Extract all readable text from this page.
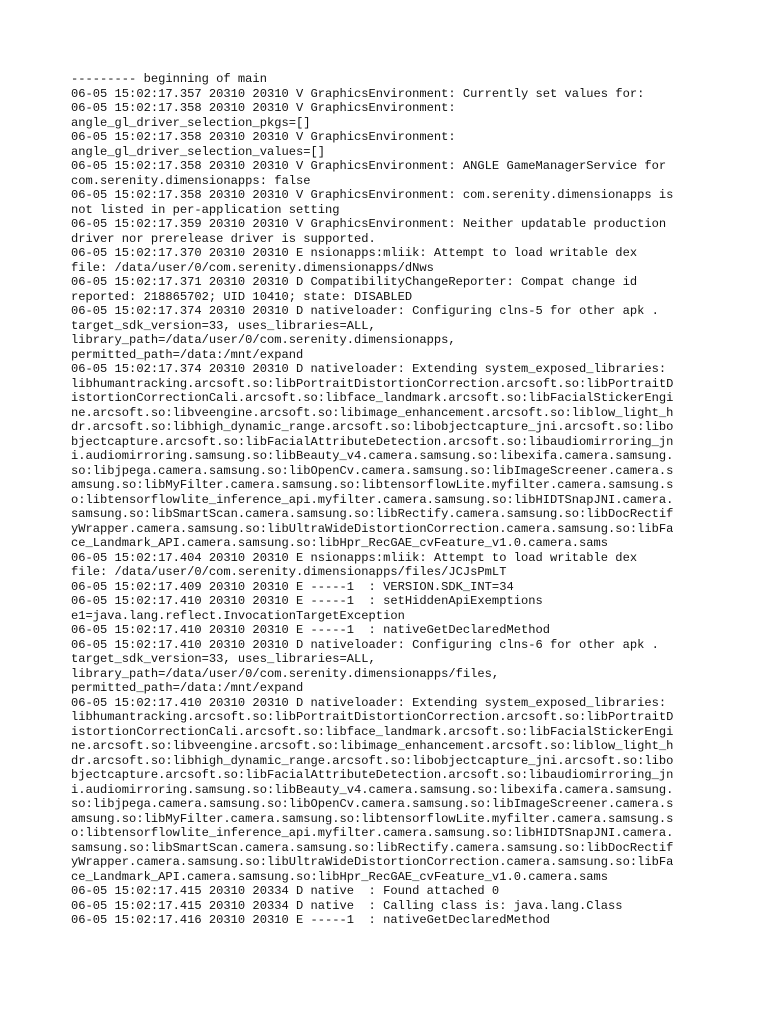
--------- beginning of main
06-05 15:02:17.357 20310 20310 V GraphicsEnvironment: Currently set values for:
06-05 15:02:17.358 20310 20310 V GraphicsEnvironment:
angle_gl_driver_selection_pkgs=[]
06-05 15:02:17.358 20310 20310 V GraphicsEnvironment:
angle_gl_driver_selection_values=[]
06-05 15:02:17.358 20310 20310 V GraphicsEnvironment: ANGLE GameManagerService for
com.serenity.dimensionapps: false
06-05 15:02:17.358 20310 20310 V GraphicsEnvironment: com.serenity.dimensionapps is
not listed in per-application setting
06-05 15:02:17.359 20310 20310 V GraphicsEnvironment: Neither updatable production
driver nor prerelease driver is supported.
06-05 15:02:17.370 20310 20310 E nsionapps:mliik: Attempt to load writable dex
file: /data/user/0/com.serenity.dimensionapps/dNws
06-05 15:02:17.371 20310 20310 D CompatibilityChangeReporter: Compat change id
reported: 218865702; UID 10410; state: DISABLED
06-05 15:02:17.374 20310 20310 D nativeloader: Configuring clns-5 for other apk .
target_sdk_version=33, uses_libraries=ALL,
library_path=/data/user/0/com.serenity.dimensionapps,
permitted_path=/data:/mnt/expand
06-05 15:02:17.374 20310 20310 D nativeloader: Extending system_exposed_libraries:
libhumantracking.arcsoft.so:libPortraitDistortionCorrection.arcsoft.so:libPortraitD
istortionCorrectionCali.arcsoft.so:libface_landmark.arcsoft.so:libFacialStickerEngi
ne.arcsoft.so:libveengine.arcsoft.so:libimage_enhancement.arcsoft.so:liblow_light_h
dr.arcsoft.so:libhigh_dynamic_range.arcsoft.so:libobjectcapture_jni.arcsoft.so:libo
bjectcapture.arcsoft.so:libFacialAttributeDetection.arcsoft.so:libaudiomirroring_jn
i.audiomirroring.samsung.so:libBeauty_v4.camera.samsung.so:libexifa.camera.samsung.
so:libjpega.camera.samsung.so:libOpenCv.camera.samsung.so:libImageScreener.camera.s
amsung.so:libMyFilter.camera.samsung.so:libtensorflowLite.myfilter.camera.samsung.s
o:libtensorflowlite_inference_api.myfilter.camera.samsung.so:libHIDTSnapJNI.camera.
samsung.so:libSmartScan.camera.samsung.so:libRectify.camera.samsung.so:libDocRectif
yWrapper.camera.samsung.so:libUltraWideDistortionCorrection.camera.samsung.so:libFa
ce_Landmark_API.camera.samsung.so:libHpr_RecGAE_cvFeature_v1.0.camera.sams
06-05 15:02:17.404 20310 20310 E nsionapps:mliik: Attempt to load writable dex
file: /data/user/0/com.serenity.dimensionapps/files/JCJsPmLT
06-05 15:02:17.409 20310 20310 E -----1  : VERSION.SDK_INT=34
06-05 15:02:17.410 20310 20310 E -----1  : setHiddenApiExemptions
e1=java.lang.reflect.InvocationTargetException
06-05 15:02:17.410 20310 20310 E -----1  : nativeGetDeclaredMethod
06-05 15:02:17.410 20310 20310 D nativeloader: Configuring clns-6 for other apk .
target_sdk_version=33, uses_libraries=ALL,
library_path=/data/user/0/com.serenity.dimensionapps/files,
permitted_path=/data:/mnt/expand
06-05 15:02:17.410 20310 20310 D nativeloader: Extending system_exposed_libraries:
libhumantracking.arcsoft.so:libPortraitDistortionCorrection.arcsoft.so:libPortraitD
istortionCorrectionCali.arcsoft.so:libface_landmark.arcsoft.so:libFacialStickerEngi
ne.arcsoft.so:libveengine.arcsoft.so:libimage_enhancement.arcsoft.so:liblow_light_h
dr.arcsoft.so:libhigh_dynamic_range.arcsoft.so:libobjectcapture_jni.arcsoft.so:libo
bjectcapture.arcsoft.so:libFacialAttributeDetection.arcsoft.so:libaudiomirroring_jn
i.audiomirroring.samsung.so:libBeauty_v4.camera.samsung.so:libexifa.camera.samsung.
so:libjpega.camera.samsung.so:libOpenCv.camera.samsung.so:libImageScreener.camera.s
amsung.so:libMyFilter.camera.samsung.so:libtensorflowLite.myfilter.camera.samsung.s
o:libtensorflowlite_inference_api.myfilter.camera.samsung.so:libHIDTSnapJNI.camera.
samsung.so:libSmartScan.camera.samsung.so:libRectify.camera.samsung.so:libDocRectif
yWrapper.camera.samsung.so:libUltraWideDistortionCorrection.camera.samsung.so:libFa
ce_Landmark_API.camera.samsung.so:libHpr_RecGAE_cvFeature_v1.0.camera.sams
06-05 15:02:17.415 20310 20334 D native  : Found attached 0
06-05 15:02:17.415 20310 20334 D native  : Calling class is: java.lang.Class
06-05 15:02:17.416 20310 20310 E -----1  : nativeGetDeclaredMethod
